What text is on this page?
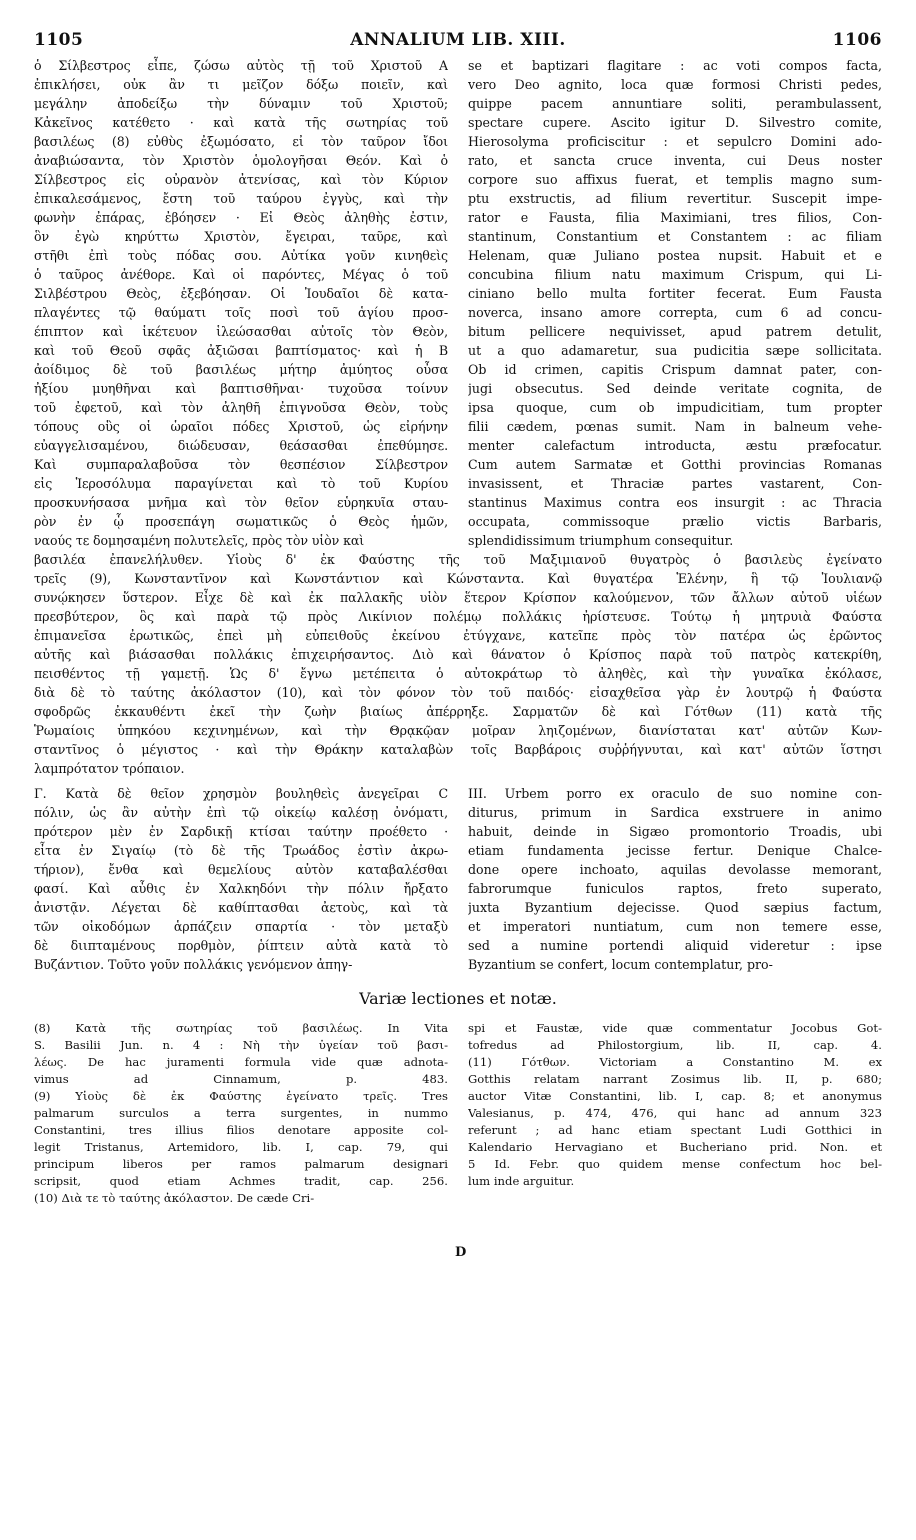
1105	ANNALIUM LIB. XIII.	1106
ὁ Σίλβεστρος εἶπε, ζώσω αὐτὸς τῇ τοῦ Χριστοῦ A
ἐπικλήσει, οὐκ ἂν τι μεῖζον δόξω ποιεῖν, καὶ
μεγάλην ἀποδείξω τὴν δύναμιν τοῦ Χριστοῦ;
Κἀκεῖνος κατέθετο · καὶ κατὰ τῆς σωτηρίας τοῦ
βασιλέως (8) εὐθὺς ἐξωμόσατο, εἰ τὸν ταῦρον ἴδοι
ἀναβιώσαντα, τὸν Χριστὸν ὁμολογῆσαι Θεόν. Καὶ ὁ
Σίλβεστρος εἰς οὐρανὸν ἀτενίσας, καὶ τὸν Κύριον
ἐπικαλεσάμενος, ἔστη τοῦ ταύρου ἐγγὺς, καὶ τὴν
φωνὴν ἐπάρας, ἐβόησεν · Εἰ Θεὸς ἀληθὴς ἐστιν,
ὃν ἐγὼ κηρύττω Χριστὸν, ἔγειραι, ταῦρε, καὶ
στῆθι ἐπὶ τοὺς πόδας σου. Αὐτίκα γοῦν κινηθεὶς
ὁ ταῦρος ἀνέθορε. Καὶ οἱ παρόντες, Μέγας ὁ τοῦ
Σιλβέστρου Θεὸς, ἐξεβόησαν. Οἱ Ἰουδαῖοι δὲ κατα-
πλαγέντες τῷ θαύματι τοῖς ποσὶ τοῦ ἁγίου προσ-
έπιπτον καὶ ἱκέτευον ἱλεώσασθαι αὐτοῖς τὸν Θεὸν,
καὶ τοῦ Θεοῦ σφᾶς ἀξιῶσαι βαπτίσματος· καὶ ἡ B
ἀοίδιμος δὲ τοῦ βασιλέως μήτηρ ἀμύητος οὖσα
ἠξίου μυηθῆναι καὶ βαπτισθῆναι· τυχοῦσα τοίνυν
τοῦ ἐφετοῦ, καὶ τὸν ἀληθῆ ἐπιγνοῦσα Θεὸν, τοὺς
τόπους οὓς οἱ ὡραῖοι πόδες Χριστοῦ, ὡς εἰρήνην
εὐαγγελισαμένου, διώδευσαν, θεάσασθαι ἐπεθύμησε.
Καὶ συμπαραλαβοῦσα τὸν θεσπέσιον Σίλβεστρον
εἰς Ἱεροσόλυμα παραγίνεται καὶ τὸ τοῦ Κυρίου
προσκυνήσασα μνῆμα καὶ τὸν θεῖον εὑρηκυῖα σταυ-
ρὸν ἐν ᾧ προσεπάγη σωματικῶς ὁ Θεὸς ἡμῶν,
ναούς τε δομησαμένη πολυτελεῖς, πρὸς τὸν υἱὸν καὶ
se et baptizari flagitare : ac voti compos facta,
vero Deo agnito, loca quæ formosi Christi pedes,
quippe pacem annuntiare soliti, perambulassent,
spectare cupere. Ascito igitur D. Silvestro comite,
Hierosolyma proficiscitur : et sepulcro Domini ado-
rato, et sancta cruce inventa, cui Deus noster
corpore suo affixus fuerat, et templis magno sum-
ptu exstructis, ad filium revertitur. Suscepit impe-
rator e Fausta, filia Maximiani, tres filios, Con-
stantinum, Constantium et Constantem : ac filiam
Helenam, quæ Juliano postea nupsit. Habuit et e
concubina filium natu maximum Crispum, qui Li-
ciniano bello multa fortiter fecerat. Eum Fausta
noverca, insano amore correpta, cum 6 ad concu-
bitum pellicere nequivisset, apud patrem detulit,
ut a quo adamaretur, sua pudicitia sæpe sollicitata.
Ob id crimen, capitis Crispum damnat pater, con-
jugi obsecutus. Sed deinde veritate cognita, de
ipsa quoque, cum ob impudicitiam, tum propter
filii cædem, pœnas sumit. Nam in balneum vehe-
menter calefactum introducta, æstu præfocatur.
Cum autem Sarmatæ et Gotthi provincias Romanas
invasissent, et Thraciæ partes vastarent, Con-
stantinus Maximus contra eos insurgit : ac Thracia
occupata, commissoque prælio victis Barbaris,
splendidissimum triumphum consequitur.
βασιλέα ἐπανελήλυθεν. Υἱοὺς δ' ἐκ Φαύστης τῆς τοῦ Μαξιμιανοῦ θυγατρὸς ὁ βασιλεὺς ἐγείνατο
τρεῖς (9), Κωνσταντῖνον καὶ Κωνστάντιον καὶ Κώνσταντα. Καὶ θυγατέρα Ἑλένην, ἣ τῷ Ἰουλιανῷ
συνῴκησεν ὕστερον. Εἶχε δὲ καὶ ἐκ παλλακῆς υἱὸν ἕτερον Κρίσπον καλούμενον, τῶν ἄλλων αὐτοῦ υἱέων
πρεσβύτερον, ὃς καὶ παρὰ τῷ πρὸς Λικίνιον πολέμῳ πολλάκις ἠρίστευσε. Τούτῳ ἡ μητρυιὰ Φαύστα
ἐπιμανεῖσα ἐρωτικῶς, ἐπεὶ μὴ εὐπειθοῦς ἐκείνου ἐτύγχανε, κατεῖπε πρὸς τὸν πατέρα ὡς ἐρῶντος
αὐτῆς καὶ βιάσασθαι πολλάκις ἐπιχειρήσαντος. Διὸ καὶ θάνατον ὁ Κρίσπος παρὰ τοῦ πατρὸς κατεκρίθη,
πεισθέντος τῇ γαμετῇ. Ὡς δ' ἔγνω μετέπειτα ὁ αὐτοκράτωρ τὸ ἀληθὲς, καὶ τὴν γυναῖκα ἐκόλασε,
διὰ δὲ τὸ ταύτης ἀκόλαστον (10), καὶ τὸν φόνον τὸν τοῦ παιδός· εἰσαχθεῖσα γὰρ ἐν λουτρῷ ἡ Φαύστα
σφοδρῶς ἐκκαυθέντι ἐκεῖ τὴν ζωὴν βιαίως ἀπέρρηξε. Σαρματῶν δὲ καὶ Γότθων (11) κατὰ τῆς
Ῥωμαίοις ὑπηκόου κεχινημένων, καὶ τὴν Θρᾳκῷαν μοῖραν ληιζομένων, διανίσταται κατ' αὐτῶν Κων-
σταντῖνος ὁ μέγιστος · καὶ τὴν Θράκην καταλαβὼν τοῖς Βαρβάροις συῤῥήγνυται, καὶ κατ' αὐτῶν ἵστησι
λαμπρότατον τρόπαιον.
Γ. Κατὰ δὲ θεῖον χρησμὸν βουληθεὶς ἀνεγεῖραι C
πόλιν, ὡς ἂν αὐτὴν ἐπὶ τῷ οἰκείῳ καλέσῃ ὀνόματι,
πρότερον μὲν ἐν Σαρδικῇ κτίσαι ταύτην προέθετο ·
εἶτα ἐν Σιγαίῳ (τὸ δὲ τῆς Τρωάδος ἐστὶν ἀκρω-
τήριον), ἔνθα καὶ θεμελίους αὐτὸν καταβαλέσθαι
φασί. Καὶ αὖθις ἐν Χαλκηδόνι τὴν πόλιν ἤρξατο
ἀνιστᾷν. Λέγεται δὲ καθίπτασθαι ἀετοὺς, καὶ τὰ
τῶν οἰκοδόμων ἁρπάζειν σπαρτία · τὸν μεταξὺ
δὲ διιπταμένους πορθμὸν, ῥίπτειν αὐτὰ κατὰ τὸ
Βυζάντιον. Τοῦτο γοῦν πολλάκις γενόμενον ἀπηγ-
III. Urbem porro ex oraculo de suo nomine con-
diturus, primum in Sardica exstruere in animo
habuit, deinde in Sigæo promontorio Troadis, ubi
etiam fundamenta jecisse fertur. Denique Chalce-
done opere inchoato, aquilas devolasse memorant,
fabrorumque funiculos raptos, freto superato,
juxta Byzantium dejecisse. Quod sæpius factum,
et imperatori nuntiatum, cum non temere esse,
sed a numine portendi aliquid videretur : ipse
Byzantium se confert, locum contemplatur, pro-
Variæ lectiones et notæ.
(8) Κατὰ τῆς σωτηρίας τοῦ βασιλέως. In Vita
S. Basilii Jun. n. 4 : Νὴ τὴν ὑγείαν τοῦ βασι-
λέως. De hac juramenti formula vide quæ adnota-
vimus ad Cinnamum, p. 483.
(9) Υἱοὺς δὲ ἐκ Φαύστης ἐγείνατο τρεῖς. Tres
palmarum surculos a terra surgentes, in nummo
Constantini, tres illius filios denotare apposite col-
legit Tristanus, Artemidoro, lib. I, cap. 79, qui
principum liberos per ramos palmarum designari
scripsit, quod etiam Achmes tradit, cap. 256.
(10) Διὰ τε τὸ ταύτης ἀκόλαστον. De cæde Cri-
spi et Faustæ, vide quæ commentatur Jocobus Got-
tofredus ad Philostorgium, lib. II, cap. 4.
(11) Γότθων. Victoriam a Constantino M. ex
Gotthis relatam narrant Zosimus lib. II, p. 680;
auctor Vitæ Constantini, lib. I, cap. 8; et anonymus
Valesianus, p. 474, 476, qui hanc ad annum 323
referunt ; ad hanc etiam spectant Ludi Gotthici in
Kalendario Hervagiano et Bucheriano prid. Non. et
5 Id. Febr. quo quidem mense confectum hoc bel-
lum inde arguitur.
D
